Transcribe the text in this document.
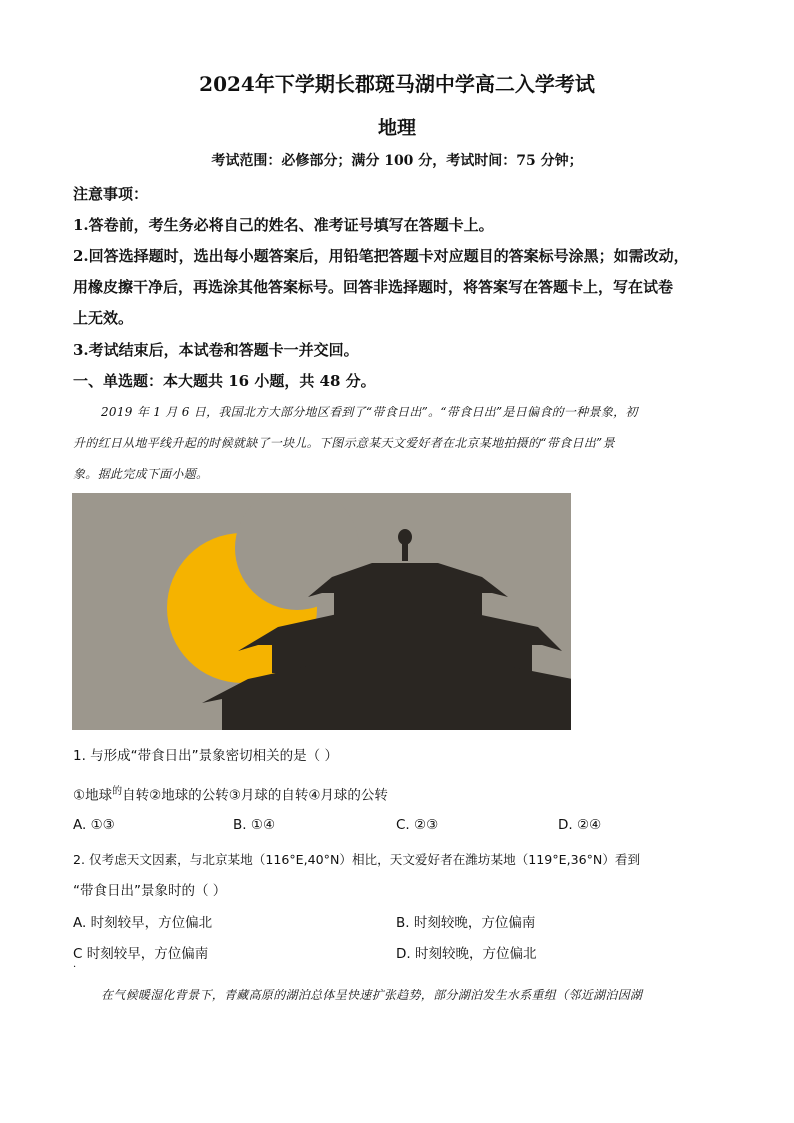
2024年下学期长郡斑马湖中学高二入学考试
地理
考试范围：必修部分；满分 100 分，考试时间：75 分钟；
注意事项：
1.答卷前，考生务必将自己的姓名、准考证号填写在答题卡上。
2.回答选择题时，选出每小题答案后，用铅笔把答题卡对应题目的答案标号涂黑；如需改动，
用橡皮擦干净后，再选涂其他答案标号。回答非选择题时，将答案写在答题卡上，写在试卷
上无效。
3.考试结束后，本试卷和答题卡一并交回。
一、单选题：本大题共 16 小题，共 48 分。
2019 年 1 月 6 日，我国北方大部分地区看到了“带食日出”。“带食日出”是日偏食的一种景象，初
升的红日从地平线升起的时候就缺了一块儿。下图示意某天文爱好者在北京某地拍摄的“带食日出”景
象。据此完成下面小题。
1. 与形成“带食日出”景象密切相关的是（ ）
①地球$^的$自转②地球的公转③月球的自转④月球的公转
A. ①③	B. ①④	C. ②③	D. ②④
2. 仅考虑天文因素，与北京某地（116°E,40°N）相比，天文爱好者在潍坊某地（119°E,36°N）看到
“带食日出”景象时的（ ）
A. 时刻较早，方位偏北	B. 时刻较晚，方位偏南
C 时刻较早，方位偏南	D. 时刻较晚，方位偏北
·
在气候暖湿化背景下，青藏高原的湖泊总体呈快速扩张趋势，部分湖泊发生水系重组（邻近湖泊因湖
